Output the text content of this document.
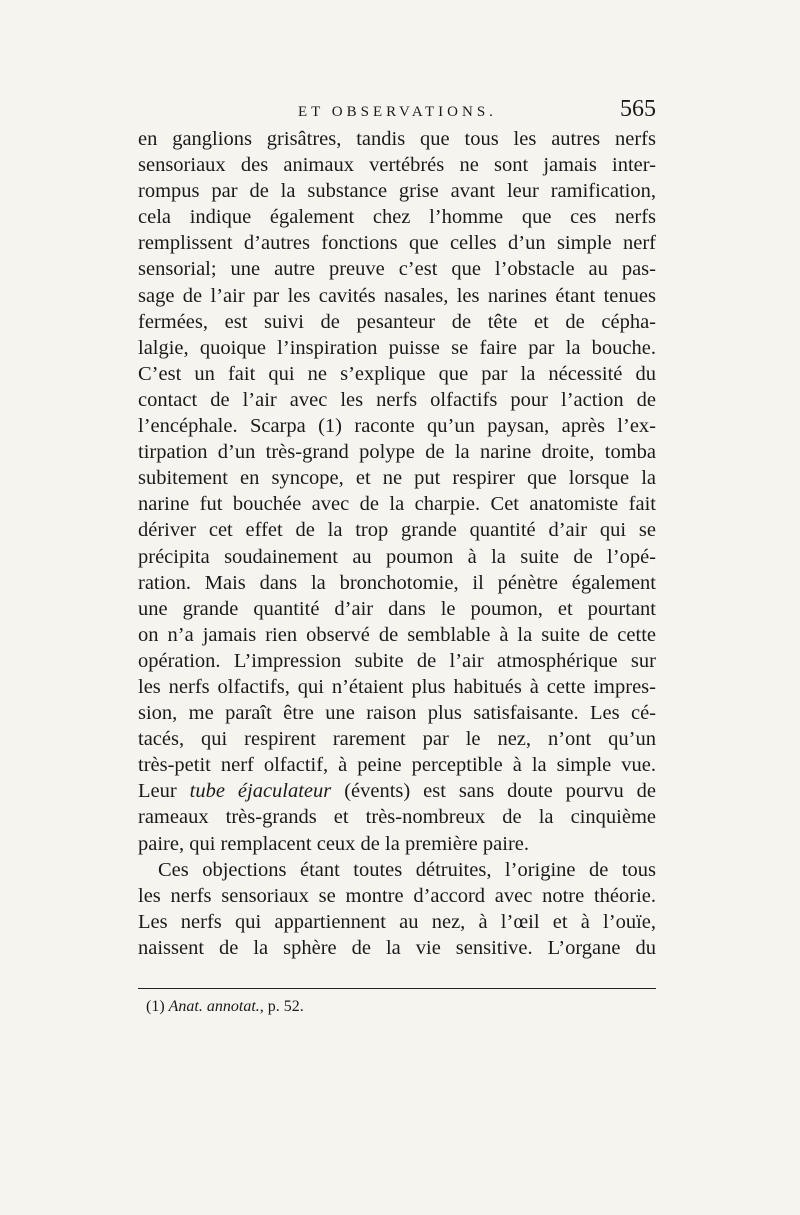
ET OBSERVATIONS.	565
en ganglions grisâtres, tandis que tous les autres nerfs
sensoriaux des animaux vertébrés ne sont jamais inter-
rompus par de la substance grise avant leur ramification,
cela indique également chez l’homme que ces nerfs
remplissent d’autres fonctions que celles d’un simple nerf
sensorial; une autre preuve c’est que l’obstacle au pas-
sage de l’air par les cavités nasales, les narines étant tenues
fermées, est suivi de pesanteur de tête et de cépha-
lalgie, quoique l’inspiration puisse se faire par la bouche.
C’est un fait qui ne s’explique que par la nécessité du
contact de l’air avec les nerfs olfactifs pour l’action de
l’encéphale. Scarpa (1) raconte qu’un paysan, après l’ex-
tirpation d’un très-grand polype de la narine droite, tomba
subitement en syncope, et ne put respirer que lorsque la
narine fut bouchée avec de la charpie. Cet anatomiste fait
dériver cet effet de la trop grande quantité d’air qui se
précipita soudainement au poumon à la suite de l’opé-
ration. Mais dans la bronchotomie, il pénètre également
une grande quantité d’air dans le poumon, et pourtant
on n’a jamais rien observé de semblable à la suite de cette
opération. L’impression subite de l’air atmosphérique sur
les nerfs olfactifs, qui n’étaient plus habitués à cette impres-
sion, me paraît être une raison plus satisfaisante. Les cé-
tacés, qui respirent rarement par le nez, n’ont qu’un
très-petit nerf olfactif, à peine perceptible à la simple vue.
Leur tube éjaculateur (évents) est sans doute pourvu de
rameaux très-grands et très-nombreux de la cinquième
paire, qui remplacent ceux de la première paire.
Ces objections étant toutes détruites, l’origine de tous
les nerfs sensoriaux se montre d’accord avec notre théorie.
Les nerfs qui appartiennent au nez, à l’œil et à l’ouïe,
naissent de la sphère de la vie sensitive. L’organe du
(1) Anat. annotat., p. 52.
